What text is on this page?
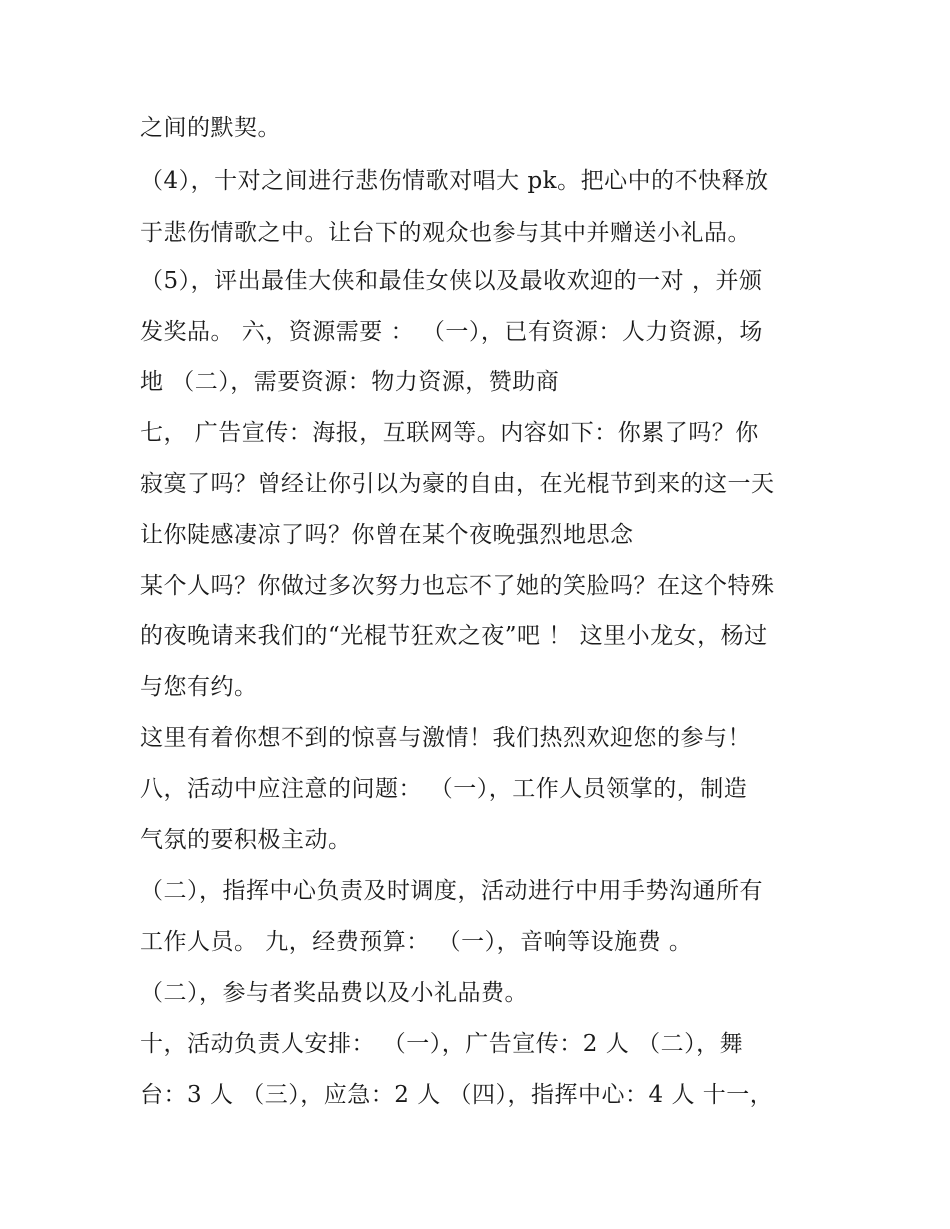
之间的默契。
（4），十对之间进行悲伤情歌对唱大 pk。把心中的不快释放
于悲伤情歌之中。让台下的观众也参与其中并赠送小礼品。
（5），评出最佳大侠和最佳女侠以及最收欢迎的一对 ，并颁
发奖品。 六，资源需要 ： （一），已有资源：人力资源，场
地 （二），需要资源：物力资源，赞助商
七， 广告宣传：海报，互联网等。内容如下：你累了吗？你
寂寞了吗？曾经让你引以为豪的自由，在光棍节到来的这一天
让你陡感凄凉了吗？你曾在某个夜晚强烈地思念
某个人吗？你做过多次努力也忘不了她的笑脸吗？在这个特殊
的夜晚请来我们的“光棍节狂欢之夜”吧 ！ 这里小龙女，杨过
与您有约。
这里有着你想不到的惊喜与激情！我们热烈欢迎您的参与！
八，活动中应注意的问题： （一），工作人员领掌的，制造
气氛的要积极主动。
（二），指挥中心负责及时调度，活动进行中用手势沟通所有
工作人员。 九，经费预算： （一），音响等设施费 。
（二），参与者奖品费以及小礼品费。
十，活动负责人安排： （一），广告宣传：2 人 （二），舞
台：3 人 （三），应急：2 人 （四），指挥中心：4 人 十一，
